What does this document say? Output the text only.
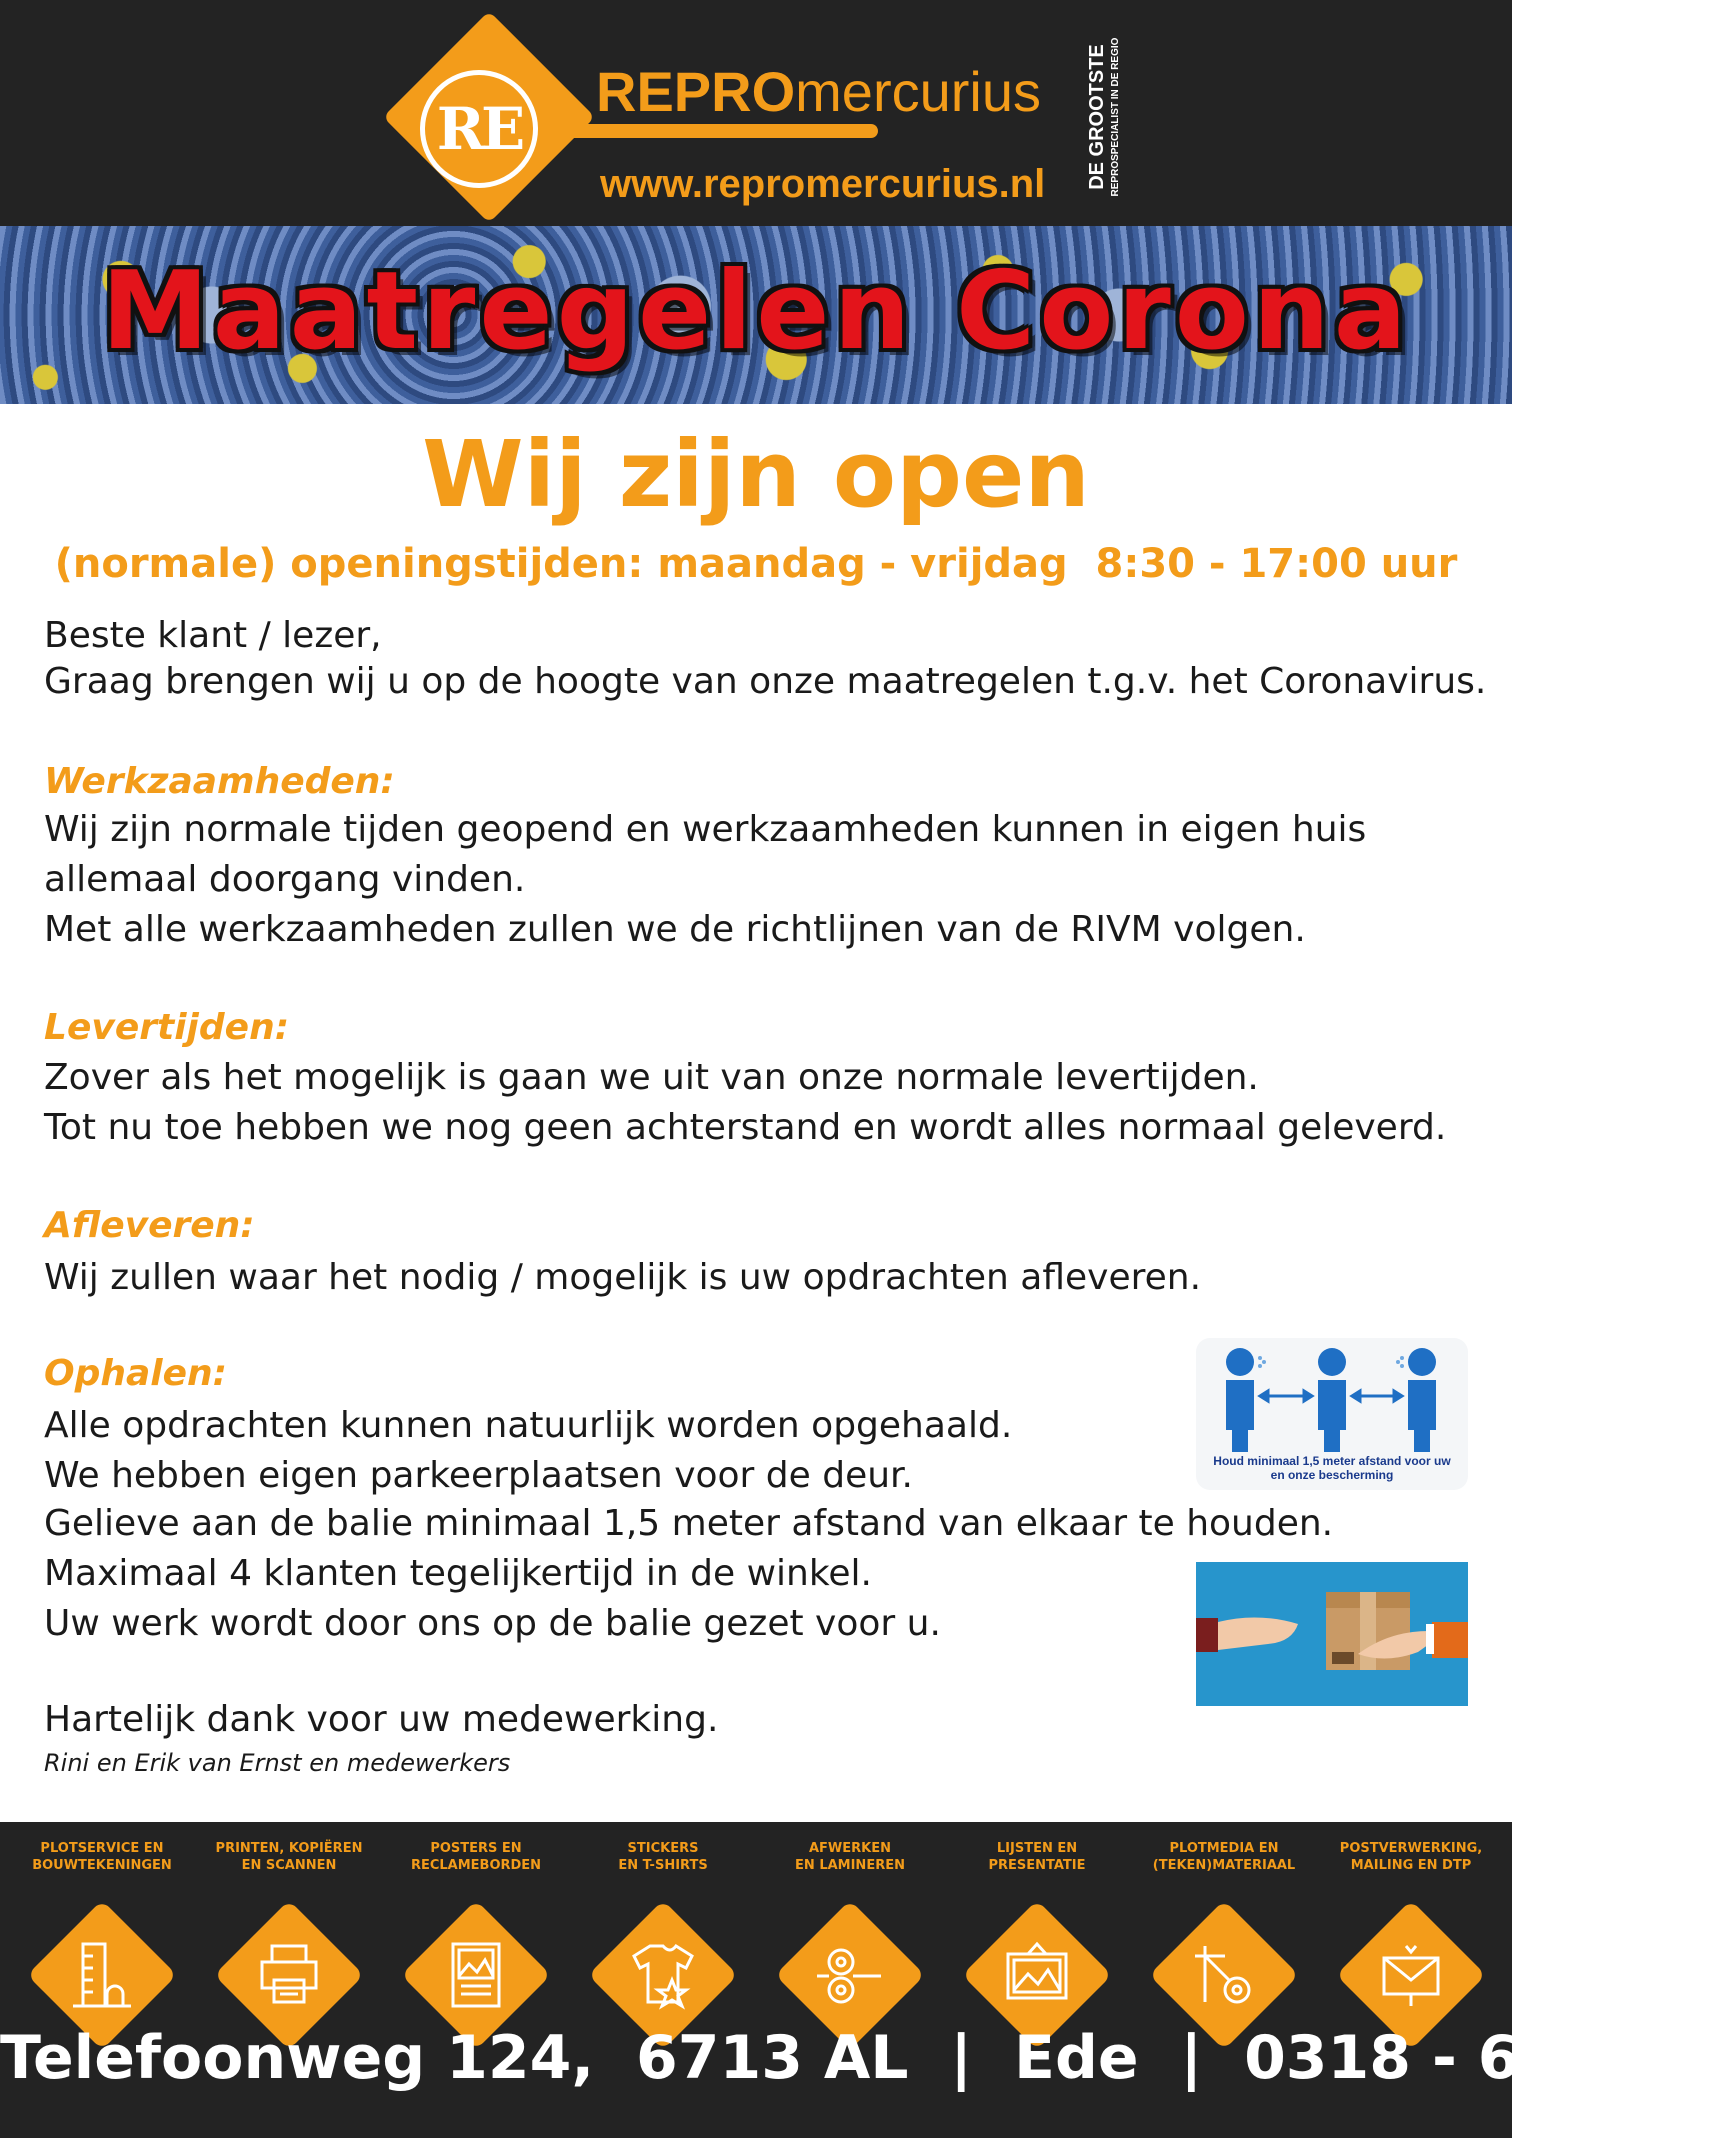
RE
REPROmercurius
www.repromercurius.nl DE GROOTSTE REPROSPECIALIST IN DE REGIO
Maatregelen Corona
Wij zijn open
(normale) openingstijden: maandag - vrijdag  8:30 - 17:00 uur
Beste klant / lezer,
Graag brengen wij u op de hoogte van onze maatregelen t.g.v. het Coronavirus.
Werkzaamheden:
Wij zijn normale tijden geopend en werkzaamheden kunnen in eigen huis
allemaal doorgang vinden.
Met alle werkzaamheden zullen we de richtlijnen van de RIVM volgen.
Levertijden:
Zover als het mogelijk is gaan we uit van onze normale levertijden.
Tot nu toe hebben we nog geen achterstand en wordt alles normaal geleverd.
Afleveren:
Wij zullen waar het nodig / mogelijk is uw opdrachten afleveren.
Ophalen:
Alle opdrachten kunnen natuurlijk worden opgehaald.
We hebben eigen parkeerplaatsen voor de deur.
Gelieve aan de balie minimaal 1,5 meter afstand van elkaar te houden.
Maximaal 4 klanten tegelijkertijd in de winkel.
Uw werk wordt door ons op de balie gezet voor u.
Hartelijk dank voor uw medewerking.
Rini en Erik van Ernst en medewerkers
Houd minimaal 1,5 meter afstand voor uw
en onze bescherming
PLOTSERVICE EN
BOUWTEKENINGEN
PRINTEN, KOPIËREN
EN SCANNEN
POSTERS EN
RECLAMEBORDEN
STICKERS
EN T-SHIRTS
AFWERKEN
EN LAMINEREN
LIJSTEN EN
PRESENTATIE
PLOTMEDIA EN
(TEKEN)MATERIAAL
POSTVERWERKING,
MAILING EN DTP
Telefoonweg 124,  6713 AL  |  Ede  |  0318 - 619018
